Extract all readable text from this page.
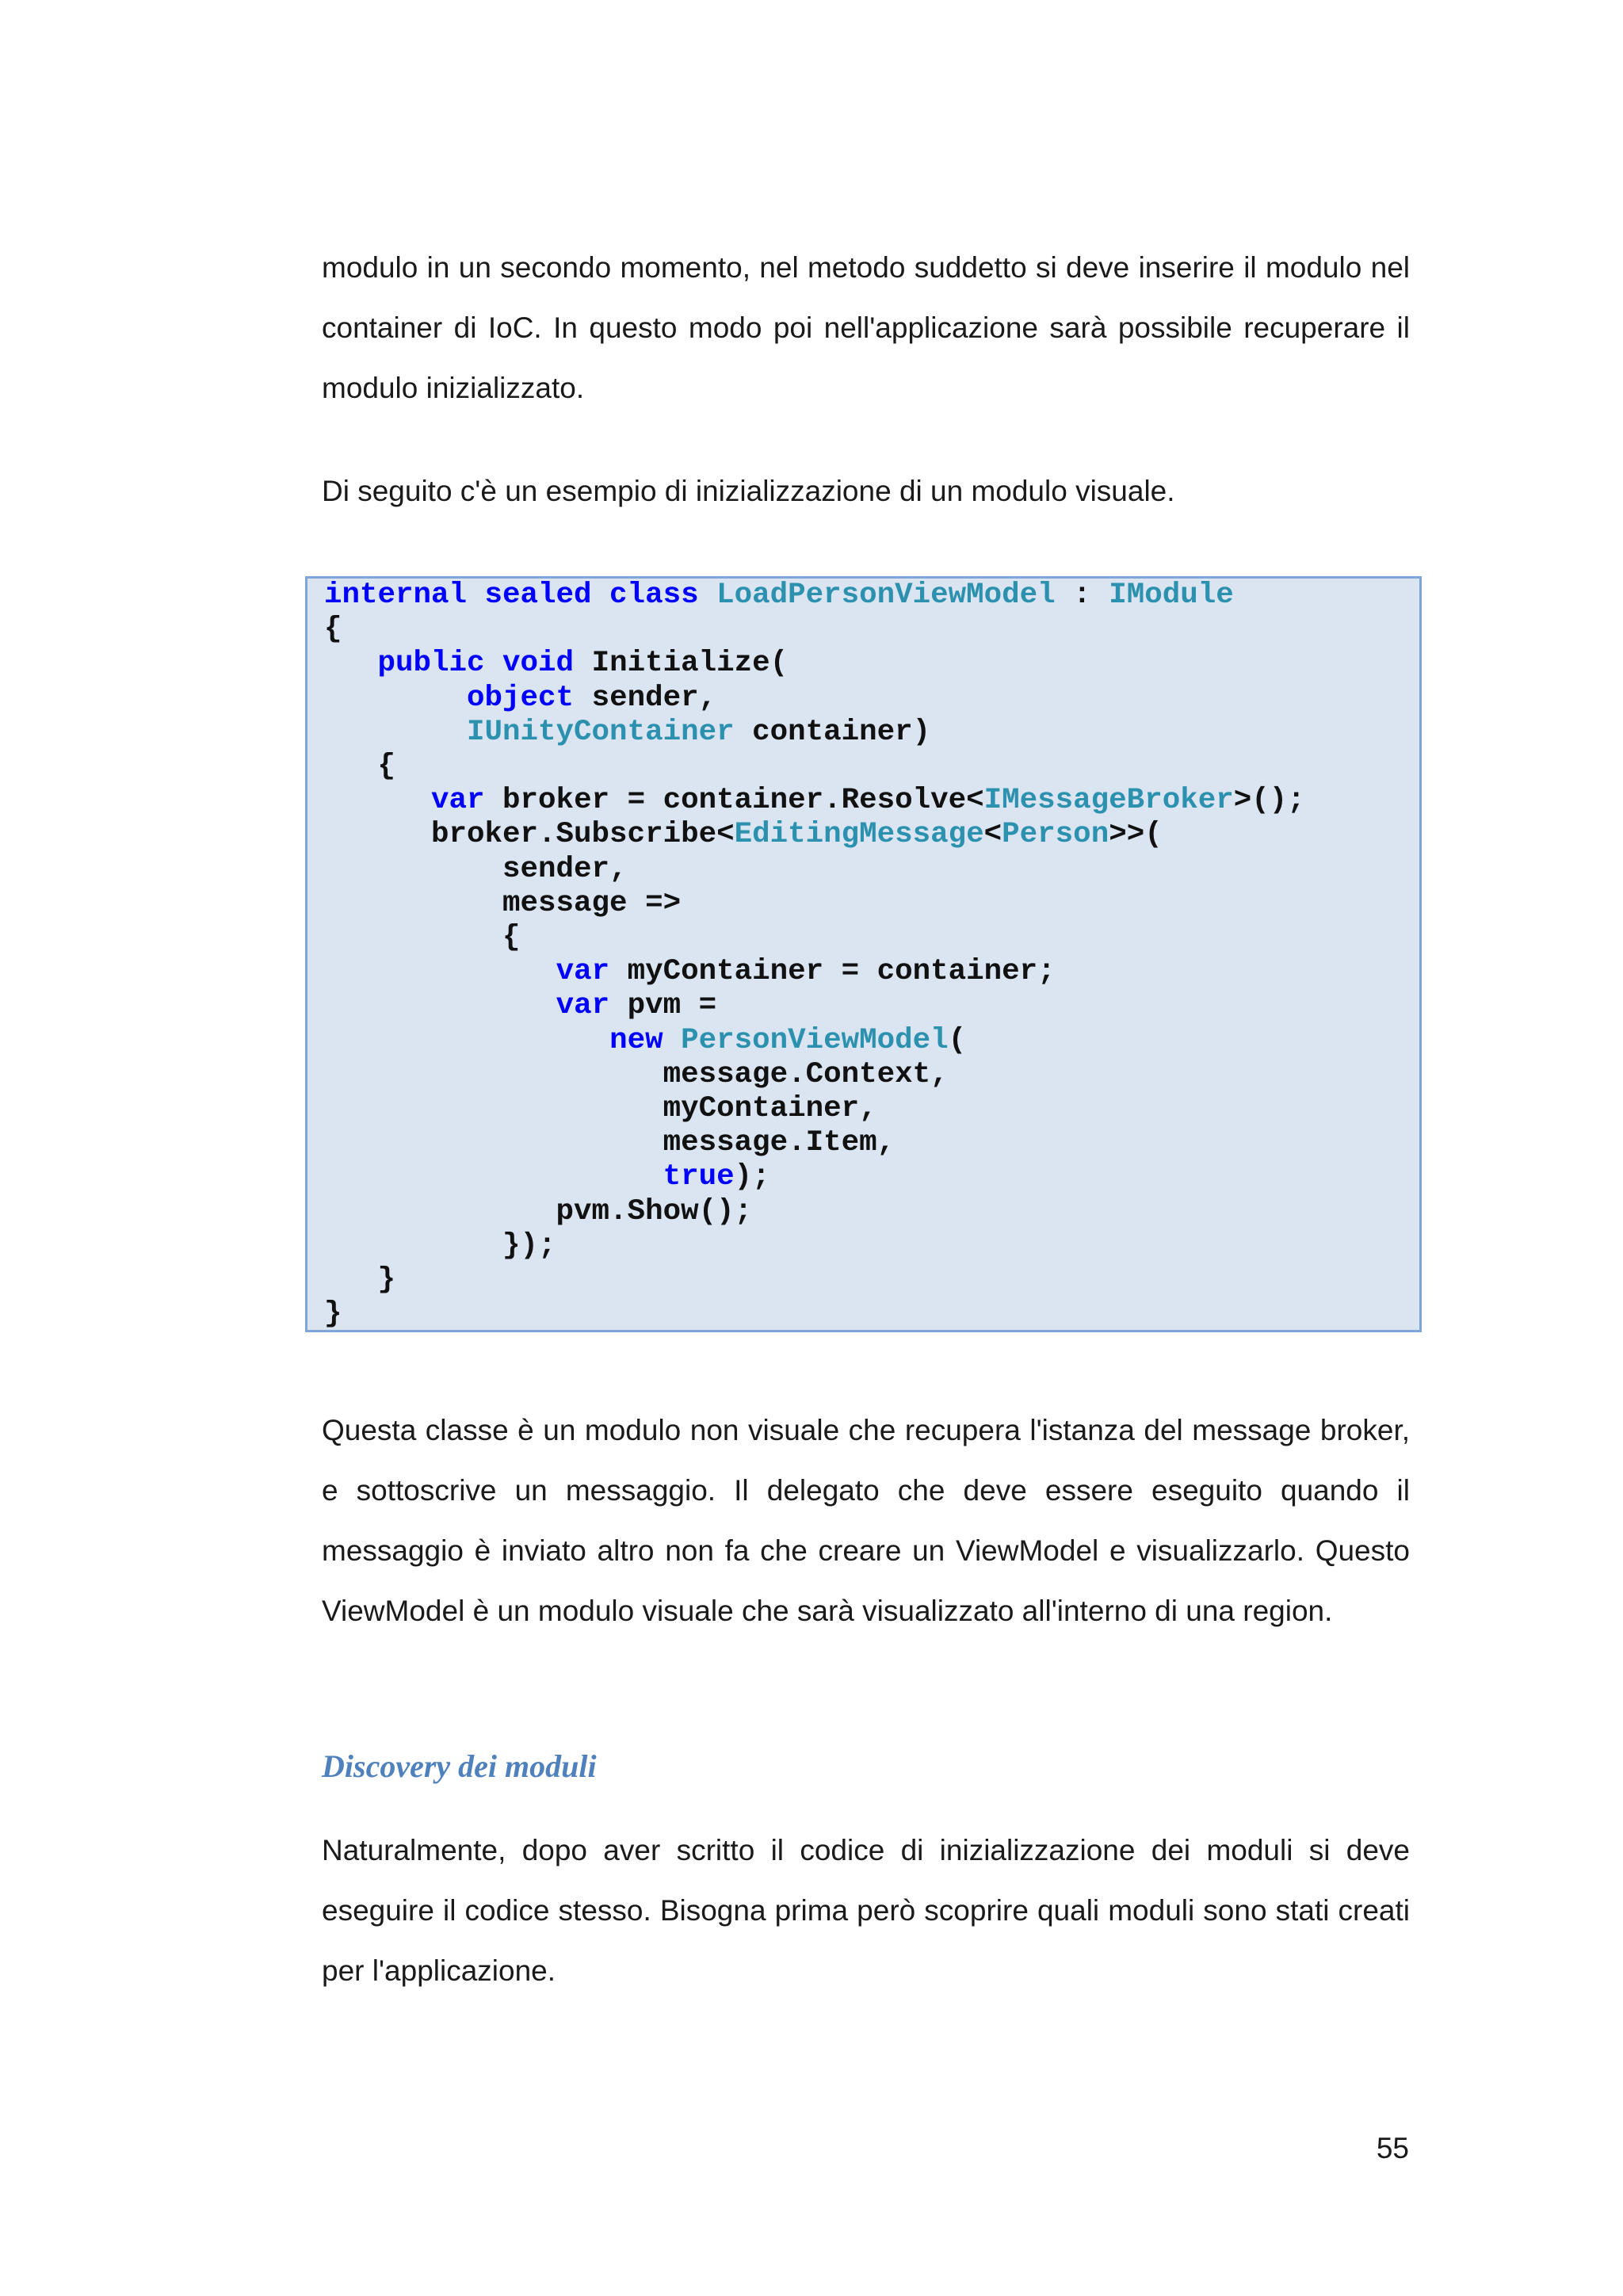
modulo in un secondo momento, nel metodo suddetto si deve inserire il modulo nel container di IoC. In questo modo poi nell'applicazione sarà possibile recuperare il modulo inizializzato.

Di seguito c'è un esempio di inizializzazione di un modulo visuale.

internal sealed class LoadPersonViewModel : IModule
{
public void Initialize(
object sender,
IUnityContainer container)
{
var broker = container.Resolve<IMessageBroker>();
broker.Subscribe<EditingMessage<Person>>(
sender,
message =>
{
var myContainer = container;
var pvm =
new PersonViewModel(
message.Context,
myContainer,
message.Item,
true);
pvm.Show();
});
}
}

Questa classe è un modulo non visuale che recupera l'istanza del message broker, e sottoscrive un messaggio. Il delegato che deve essere eseguito quando il messaggio è inviato altro non fa che creare un ViewModel e visualizzarlo. Questo ViewModel è un modulo visuale che sarà visualizzato all'interno di una region.

Discovery dei moduli

Naturalmente, dopo aver scritto il codice di inizializzazione dei moduli si deve eseguire il codice stesso. Bisogna prima però scoprire quali moduli sono stati creati per l'applicazione.

55
